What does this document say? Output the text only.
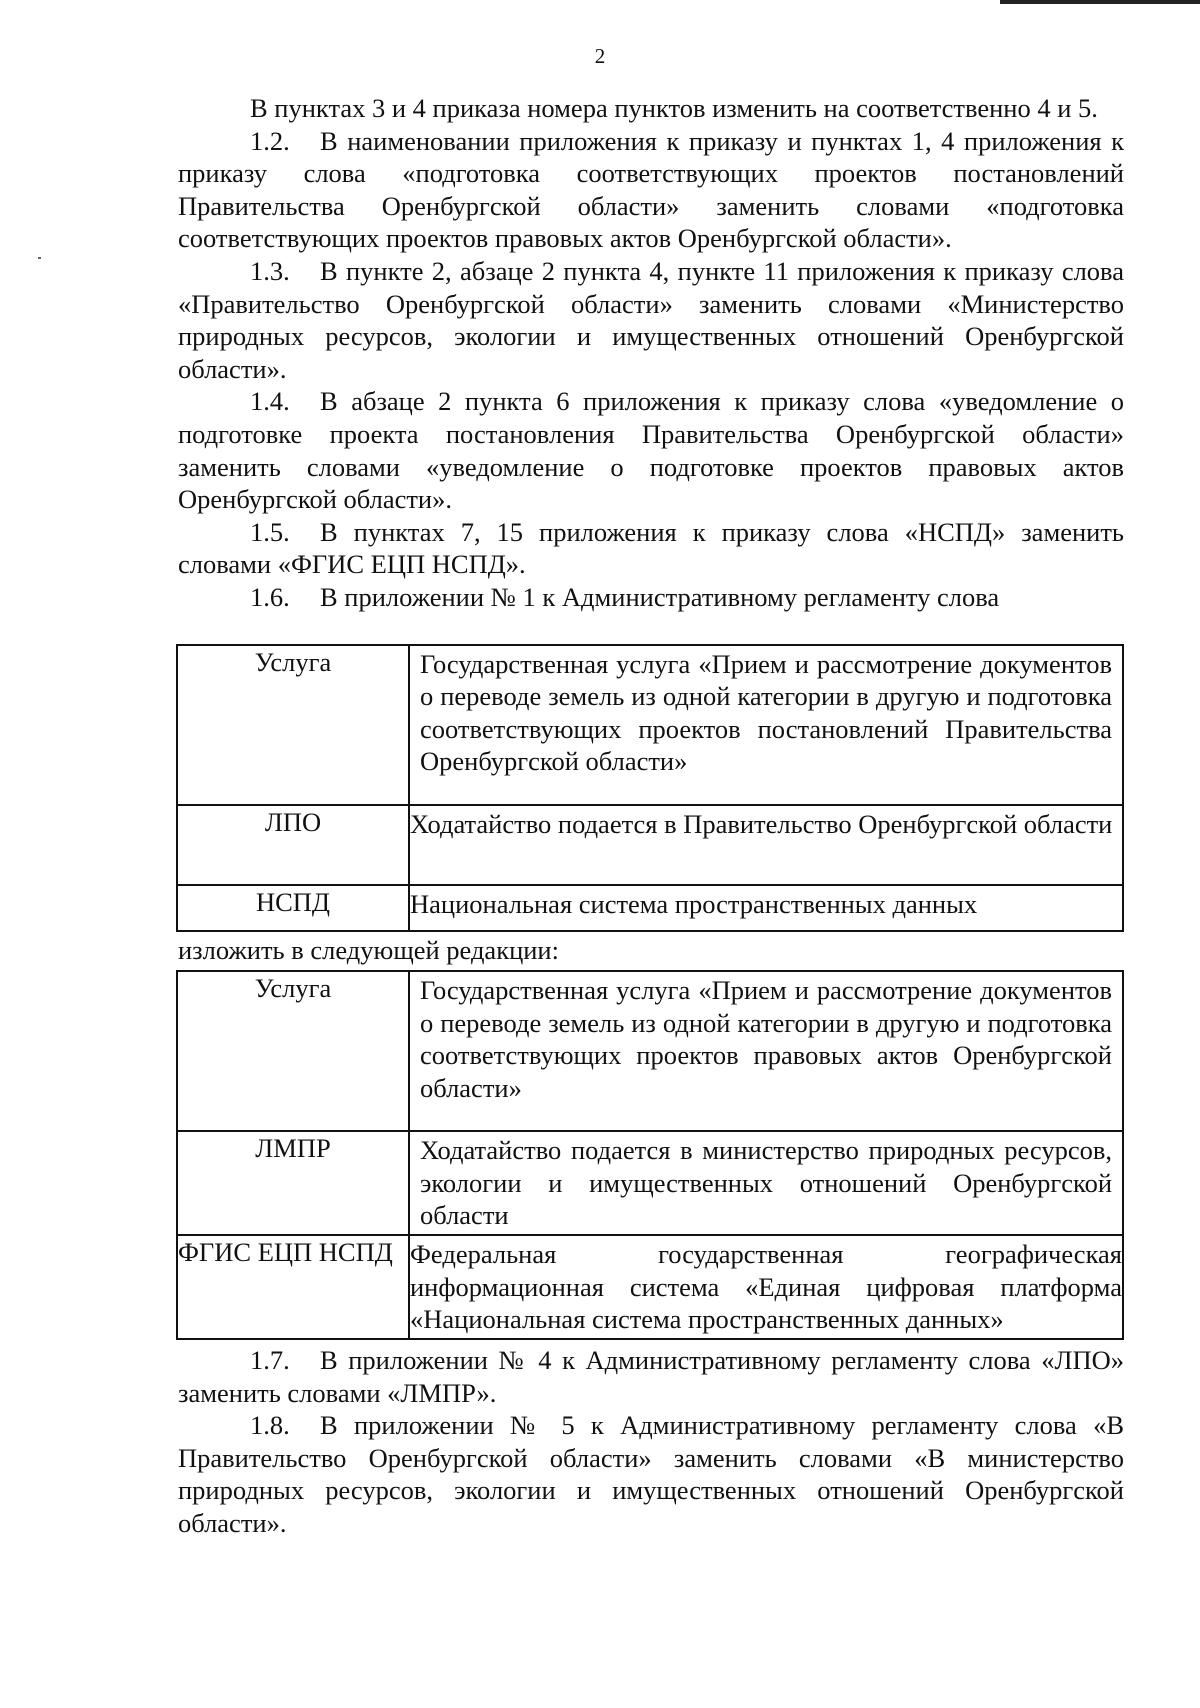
2

В пунктах 3 и 4 приказа номера пунктов изменить на соответственно 4 и 5.

1.2. В наименовании приложения к приказу и пунктах 1, 4 приложения к приказу слова «подготовка соответствующих проектов постановлений Правительства Оренбургской области» заменить словами «подготовка соответствующих проектов правовых актов Оренбургской области».

1.3. В пункте 2, абзаце 2 пункта 4, пункте 11 приложения к приказу слова «Правительство Оренбургской области» заменить словами «Министерство природных ресурсов, экологии и имущественных отношений Оренбургской области».

1.4. В абзаце 2 пункта 6 приложения к приказу слова «уведомление о подготовке проекта постановления Правительства Оренбургской области» заменить словами «уведомление о подготовке проектов правовых актов Оренбургской области».

1.5. В пунктах 7, 15 приложения к приказу слова «НСПД» заменить словами «ФГИС ЕЦП НСПД».

1.6. В приложении № 1 к Административному регламенту слова

Услуга	Государственная услуга «Прием и рассмотрение документов о переводе земель из одной категории в другую и подготовка соответствующих проектов постановлений Правительства Оренбургской области»
ЛПО	Ходатайство подается в Правительство Оренбургской области
НСПД	Национальная система пространственных данных

изложить в следующей редакции:

Услуга	Государственная услуга «Прием и рассмотрение документов о переводе земель из одной категории в другую и подготовка соответствующих проектов правовых актов Оренбургской области»
ЛМПР	Ходатайство подается в министерство природных ресурсов, экологии и имущественных отношений Оренбургской области
ФГИС ЕЦП НСПД	Федеральная государственная географическая информационная система «Единая цифровая платформа «Национальная система пространственных данных»

1.7. В приложении № 4 к Административному регламенту слова «ЛПО» заменить словами «ЛМПР».

1.8. В приложении № 5 к Административному регламенту слова «В Правительство Оренбургской области» заменить словами «В министерство природных ресурсов, экологии и имущественных отношений Оренбургской области».
